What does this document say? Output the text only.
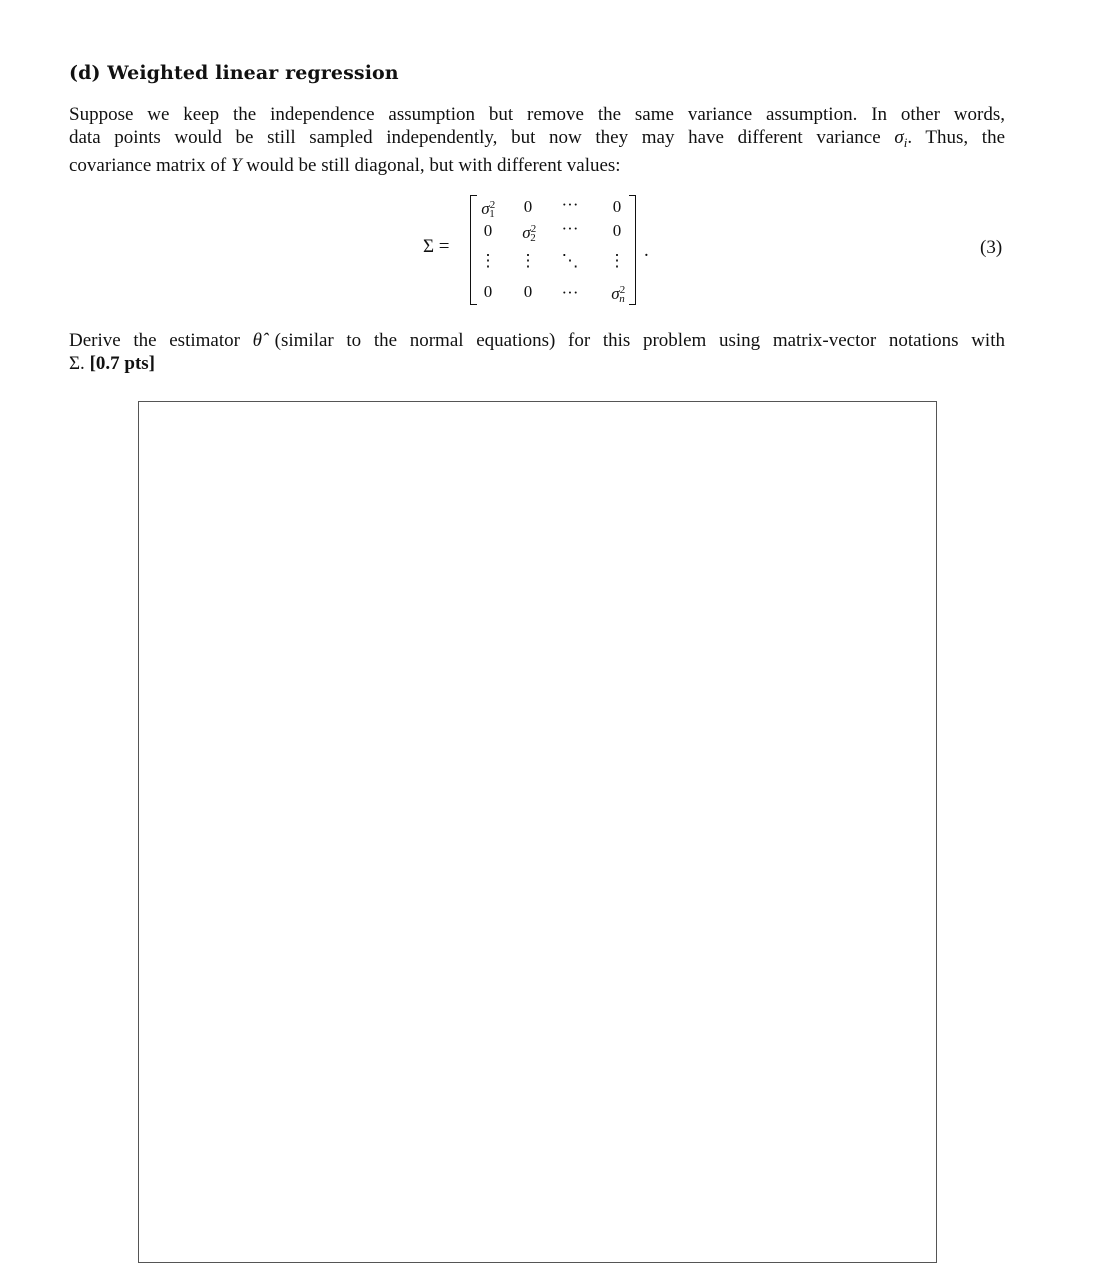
(d) Weighted linear regression
Suppose we keep the independence assumption but remove the same variance assumption. In other words,
data points would be still sampled independently, but now they may have different variance $\sigma_i$. Thus, the
covariance matrix of Y would be still diagonal, but with different values:
Σ =
$\sigma^21$	0	···	0
0	$\sigma^22$	···	0
⋮	⋮	⋱	⋮
0	0	···	$\sigma^2n$
.	(3)
Derive the estimator θ̂ (similar to the normal equations) for this problem using matrix-vector notations with
Σ. [0.7 pts]
